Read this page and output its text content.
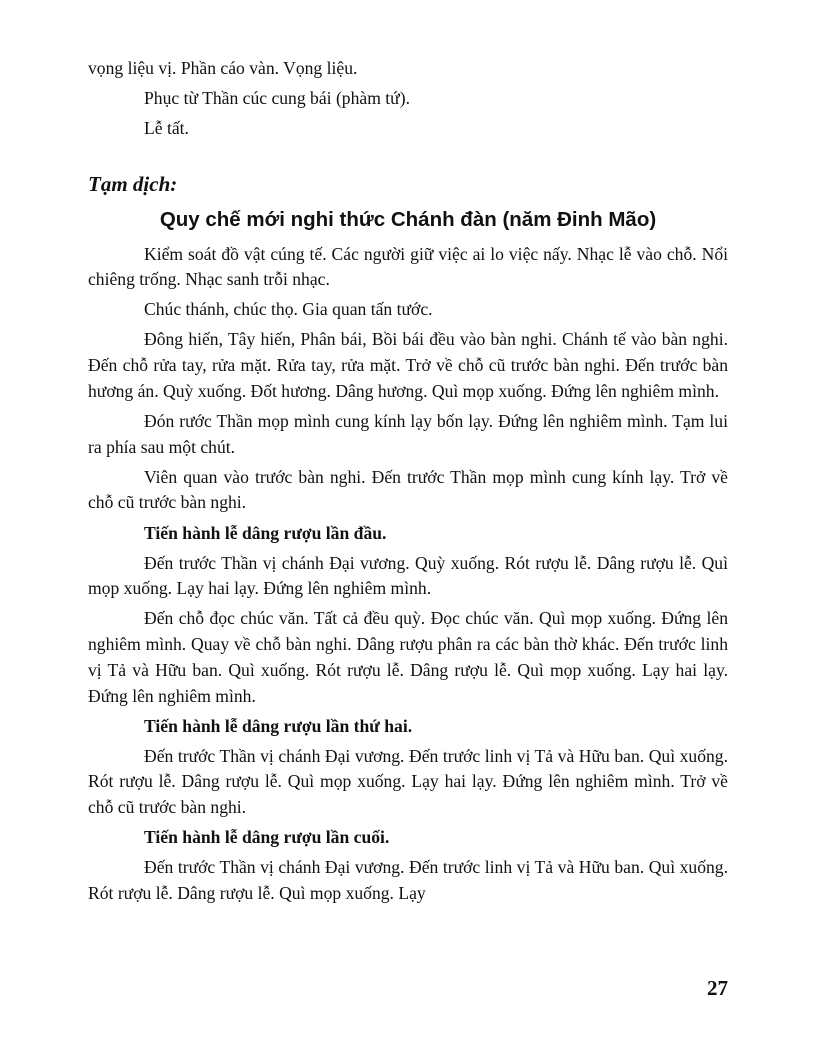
vọng liệu vị. Phần cáo vàn. Vọng liệu.

Phục từ Thần cúc cung bái (phàm tứ).

Lễ tất.

Tạm dịch:

Quy chế mới nghi thức Chánh đàn (năm Đinh Mão)

Kiểm soát đồ vật cúng tế. Các người giữ việc ai lo việc nấy. Nhạc lễ vào chỗ. Nổi chiêng trống. Nhạc sanh trỗi nhạc.

Chúc thánh, chúc thọ. Gia quan tấn tước.

Đông hiến, Tây hiến, Phân bái, Bồi bái đều vào bàn nghi. Chánh tế vào bàn nghi. Đến chỗ rửa tay, rửa mặt. Rửa tay, rửa mặt. Trở về chỗ cũ trước bàn nghi. Đến trước bàn hương án. Quỳ xuống. Đốt hương. Dâng hương. Quì mọp xuống. Đứng lên nghiêm mình.

Đón rước Thần mọp mình cung kính lạy bốn lạy. Đứng lên nghiêm mình. Tạm lui ra phía sau một chút.

Viên quan vào trước bàn nghi. Đến trước Thần mọp mình cung kính lạy. Trở về chỗ cũ trước bàn nghi.

Tiến hành lễ dâng rượu lần đầu.

Đến trước Thần vị chánh Đại vương. Quỳ xuống. Rót rượu lễ. Dâng rượu lễ. Quì mọp xuống. Lạy hai lạy. Đứng lên nghiêm mình.

Đến chỗ đọc chúc văn. Tất cả đều quỳ. Đọc chúc văn. Quì mọp xuống. Đứng lên nghiêm mình. Quay về chỗ bàn nghi. Dâng rượu phân ra các bàn thờ khác. Đến trước linh vị Tả và Hữu ban. Quì xuống. Rót rượu lễ. Dâng rượu lễ. Quì mọp xuống. Lạy hai lạy. Đứng lên nghiêm mình.

Tiến hành lễ dâng rượu lần thứ hai.

Đến trước Thần vị chánh Đại vương. Đến trước linh vị Tả và Hữu ban. Quì xuống. Rót rượu lễ. Dâng rượu lễ. Quì mọp xuống. Lạy hai lạy. Đứng lên nghiêm mình. Trở về chỗ cũ trước bàn nghi.

Tiến hành lễ dâng rượu lần cuối.

Đến trước Thần vị chánh Đại vương. Đến trước linh vị Tả và Hữu ban. Quì xuống. Rót rượu lễ. Dâng rượu lễ. Quì mọp xuống. Lạy

27
